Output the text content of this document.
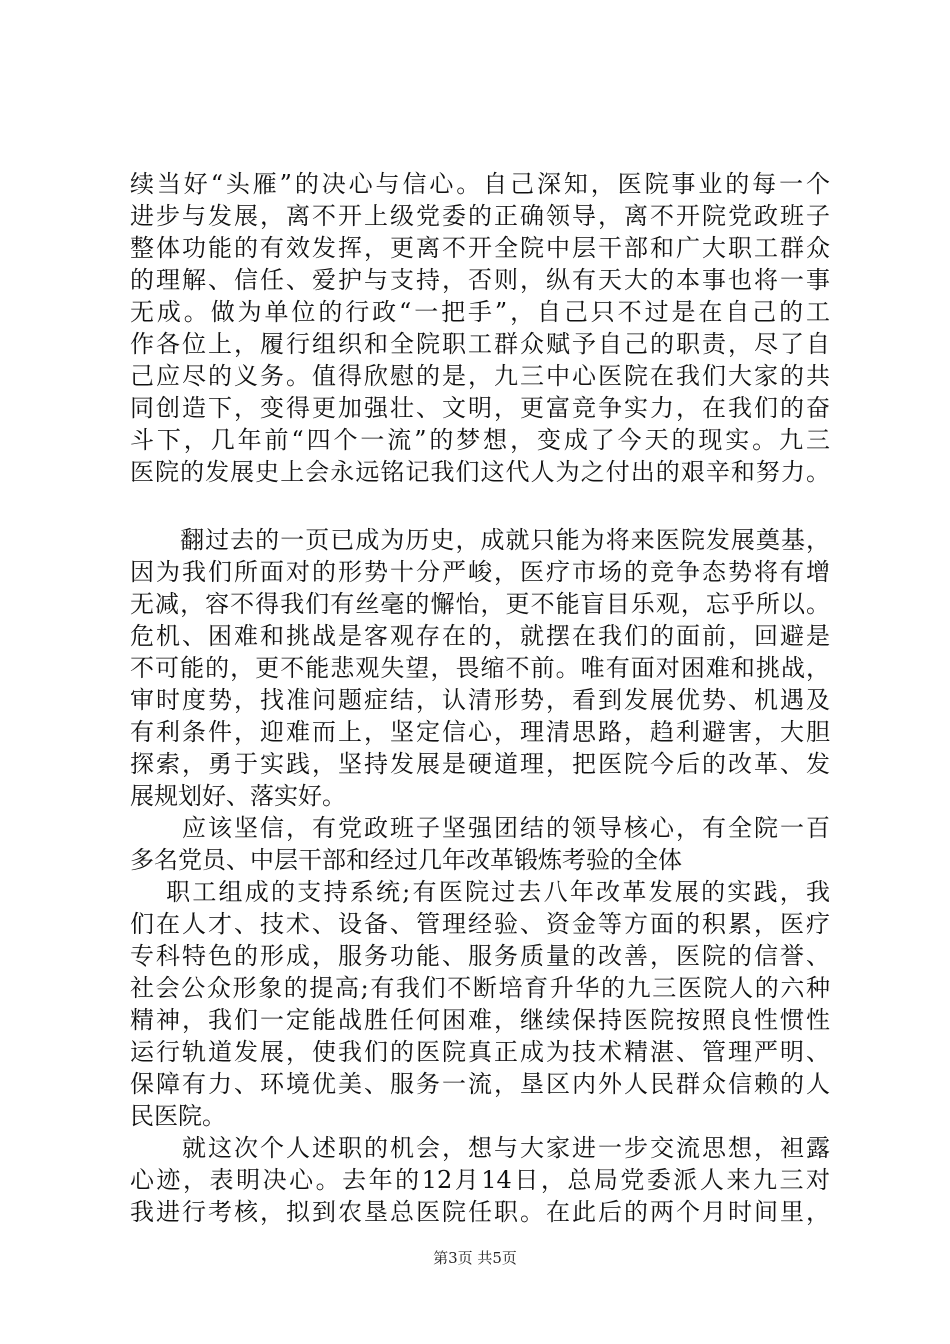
续当好“头雁”的决心与信心。自己深知，医院事业的每一个
进步与发展，离不开上级党委的正确领导，离不开院党政班子
整体功能的有效发挥，更离不开全院中层干部和广大职工群众
的理解、信任、爱护与支持，否则，纵有天大的本事也将一事
无成。做为单位的行政“一把手”，自己只不过是在自己的工
作各位上，履行组织和全院职工群众赋予自己的职责，尽了自
己应尽的义务。值得欣慰的是，九三中心医院在我们大家的共
同创造下，变得更加强壮、文明，更富竞争实力，在我们的奋
斗下，几年前“四个一流”的梦想，变成了今天的现实。九三
医院的发展史上会永远铭记我们这代人为之付出的艰辛和努力。
　　翻过去的一页已成为历史，成就只能为将来医院发展奠基，
因为我们所面对的形势十分严峻，医疗市场的竞争态势将有增
无减，容不得我们有丝毫的懈怡，更不能盲目乐观，忘乎所以。
危机、困难和挑战是客观存在的，就摆在我们的面前，回避是
不可能的，更不能悲观失望，畏缩不前。唯有面对困难和挑战，
审时度势，找准问题症结，认清形势，看到发展优势、机遇及
有利条件，迎难而上，坚定信心，理清思路，趋利避害，大胆
探索，勇于实践，坚持发展是硬道理，把医院今后的改革、发
展规划好、落实好。
　　应该坚信，有党政班子坚强团结的领导核心，有全院一百
多名党员、中层干部和经过几年改革锻炼考验的全体
　 职工组成的支持系统;有医院过去八年改革发展的实践，我
们在人才、技术、设备、管理经验、资金等方面的积累，医疗
专科特色的形成，服务功能、服务质量的改善，医院的信誉、
社会公众形象的提高;有我们不断培育升华的九三医院人的六种
精神，我们一定能战胜任何困难，继续保持医院按照良性惯性
运行轨道发展，使我们的医院真正成为技术精湛、管理严明、
保障有力、环境优美、服务一流，垦区内外人民群众信赖的人
民医院。
　　就这次个人述职的机会，想与大家进一步交流思想，袒露
心迹，表明决心。去年的12月14日，总局党委派人来九三对
我进行考核，拟到农垦总医院任职。在此后的两个月时间里，
第3页 共5页
